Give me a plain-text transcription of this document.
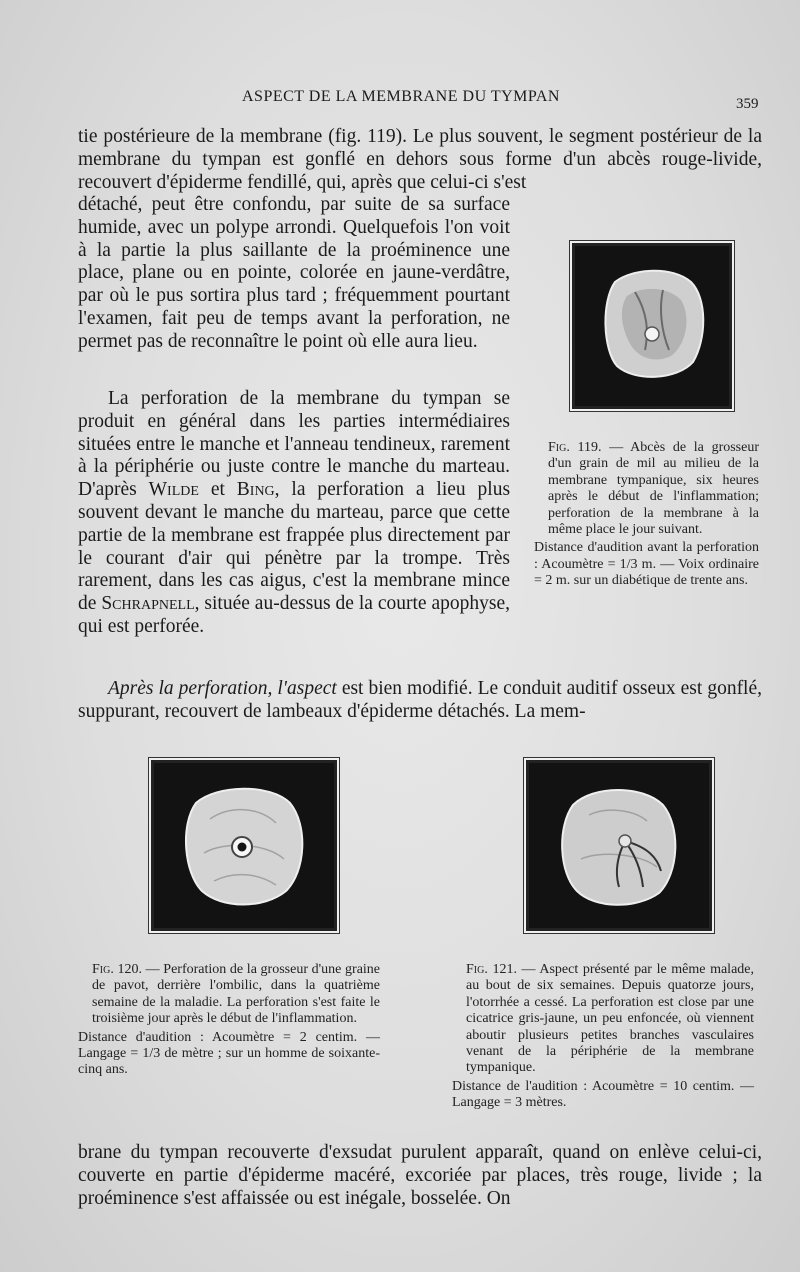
ASPECT DE LA MEMBRANE DU TYMPAN	359

tie postérieure de la membrane (fig. 119). Le plus souvent, le segment postérieur de la membrane du tympan est gonflé en dehors sous forme d'un abcès rouge-livide, recouvert d'épiderme fendillé, qui, après que celui-ci s'est

détaché, peut être confondu, par suite de sa surface humide, avec un polype arrondi. Quelquefois l'on voit à la partie la plus saillante de la proéminence une place, plane ou en pointe, colorée en jaune-verdâtre, par où le pus sortira plus tard ; fréquemment pourtant l'examen, fait peu de temps avant la perforation, ne permet pas de reconnaître le point où elle aura lieu.

La perforation de la membrane du tympan se produit en général dans les parties intermédiaires situées entre le manche et l'anneau tendineux, rarement à la périphérie ou juste contre le manche du marteau. D'après Wilde et Bing, la perforation a lieu plus souvent devant le manche du marteau, parce que cette partie de la membrane est frappée plus directement par le courant d'air qui pénètre par la trompe. Très rarement, dans les cas aigus, c'est la membrane mince de Schrapnell, située au-dessus de la courte apophyse, qui est perforée.

Après la perforation, l'aspect est bien modifié. Le conduit auditif osseux est gonflé, suppurant, recouvert de lambeaux d'épiderme détachés. La mem-

Fig. 119. — Abcès de la grosseur d'un grain de mil au milieu de la membrane tympanique, six heures après le début de l'inflammation; perforation de la membrane à la même place le jour suivant.

Distance d'audition avant la perforation : Acoumètre = 1/3 m. — Voix ordinaire = 2 m. sur un diabétique de trente ans.

Fig. 120. — Perforation de la grosseur d'une graine de pavot, derrière l'ombilic, dans la quatrième semaine de la maladie. La perforation s'est faite le troisième jour après le début de l'inflammation.

Distance d'audition : Acoumètre = 2 centim. — Langage = 1/3 de mètre ; sur un homme de soixante-cinq ans.

Fig. 121. — Aspect présenté par le même malade, au bout de six semaines. Depuis quatorze jours, l'otorrhée a cessé. La perforation est close par une cicatrice gris-jaune, un peu enfoncée, où viennent aboutir plusieurs petites branches vasculaires venant de la périphérie de la membrane tympanique.

Distance de l'audition : Acoumètre = 10 centim. — Langage = 3 mètres.

brane du tympan recouverte d'exsudat purulent apparaît, quand on enlève celui-ci, couverte en partie d'épiderme macéré, excoriée par places, très rouge, livide ; la proéminence s'est affaissée ou est inégale, bosselée. On
